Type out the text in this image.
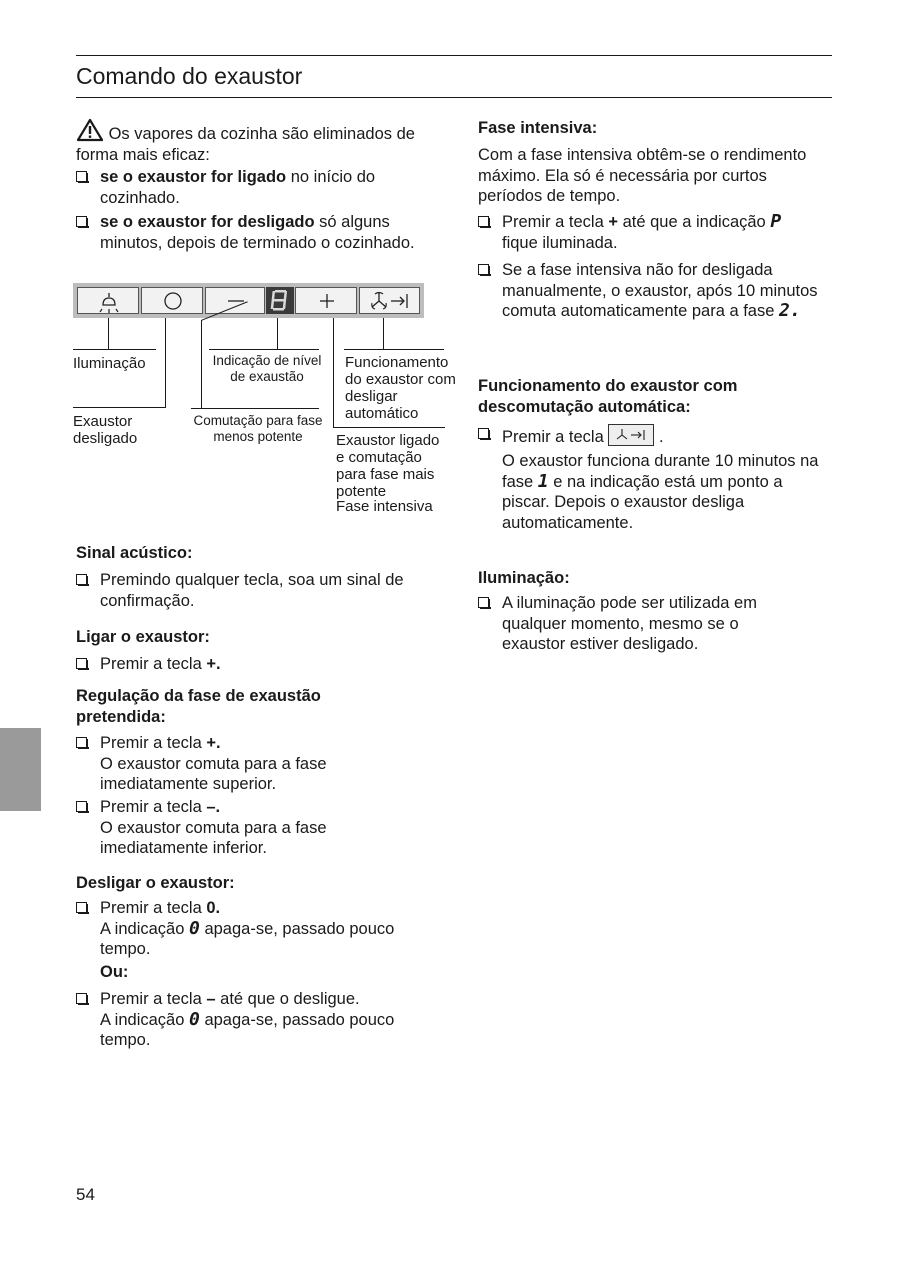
Comando do exaustor
Os vapores da cozinha são eliminados de forma mais eficaz:
se o exaustor for ligado no início do cozinhado.
se o exaustor for desligado só alguns minutos, depois de terminado o cozinhado.
Iluminação
Exaustor desligado
Indicação de nível de exaustão
Comutação para fase menos potente
Funcionamento do exaustor com desligar automático
Exaustor ligado e comutação para fase mais potente
Fase intensiva
Sinal acústico:
Premindo qualquer tecla, soa um sinal de confirmação.
Ligar o exaustor:
Premir a tecla +.
Regulação da fase de exaustão pretendida:
Premir a tecla +.
O exaustor comuta para a fase imediatamente superior.
Premir a tecla –.
O exaustor comuta para a fase imediatamente inferior.
Desligar o exaustor:
Premir a tecla 0.
A indicação 0 apaga-se, passado pouco tempo.
Ou:
Premir a tecla – até que o desligue.
A indicação 0 apaga-se, passado pouco tempo.
Fase intensiva:
Com a fase intensiva obtêm-se o rendimento máximo. Ela só é necessária por curtos períodos de tempo.
Premir a tecla + até que a indicação P
fique iluminada.
Se a fase intensiva não for desligada manualmente, o exaustor, após 10 minutos comuta automaticamente para a fase 2.
Funcionamento do exaustor com descomutação automática:
Premir a tecla	.
O exaustor funciona durante 10 minutos na fase 1 e na indicação está um ponto a piscar. Depois o exaustor desliga automaticamente.
Iluminação:
A iluminação pode ser utilizada em qualquer momento, mesmo se o exaustor estiver desligado.
54
